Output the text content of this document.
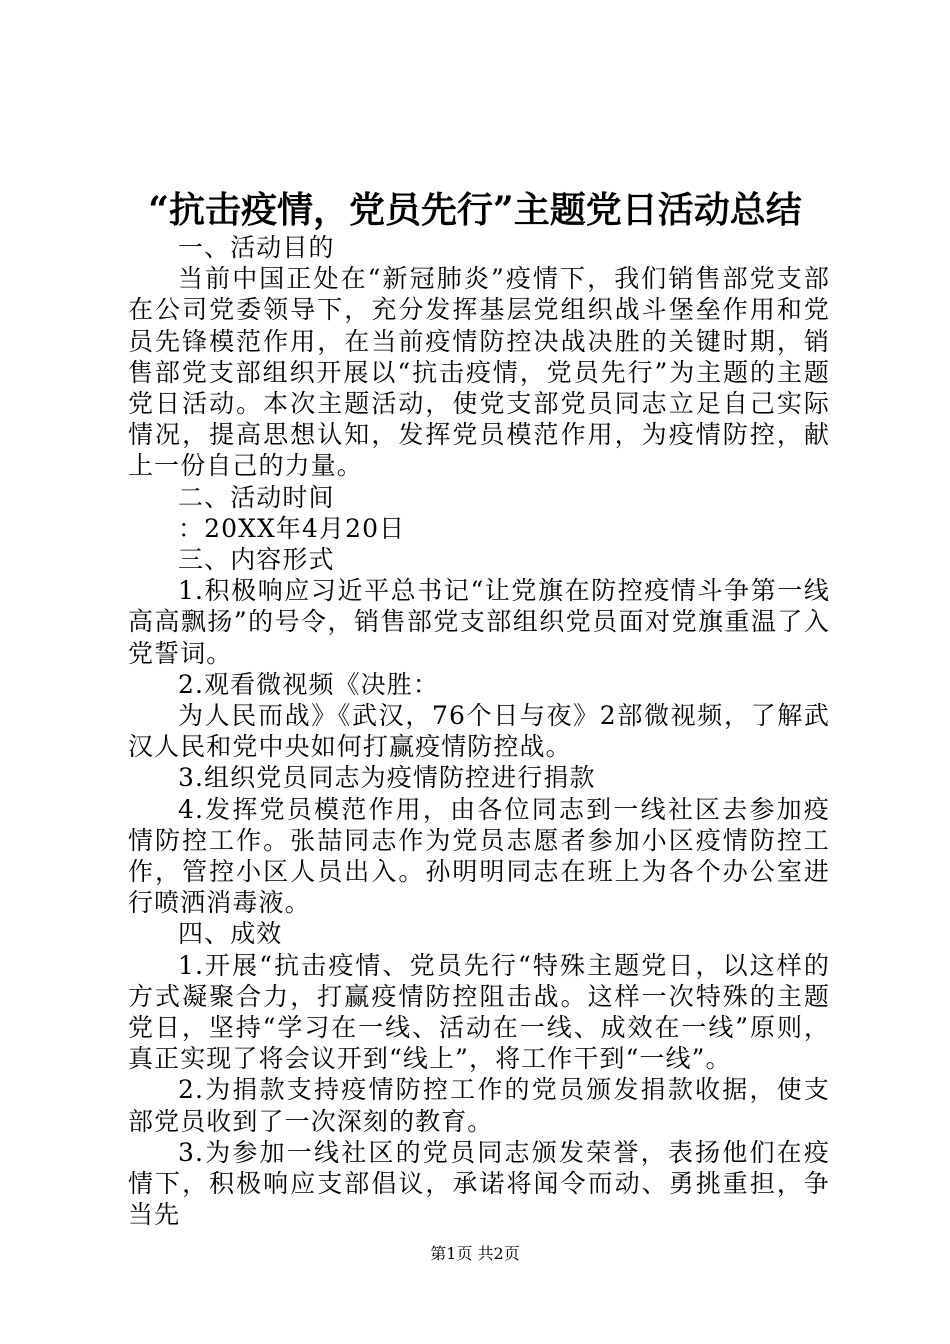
“抗击疫情，党员先行”主题党日活动总结

一、活动目的

当前中国正处在“新冠肺炎”疫情下，我们销售部党支部在公司党委领导下，充分发挥基层党组织战斗堡垒作用和党员先锋模范作用，在当前疫情防控决战决胜的关键时期，销售部党支部组织开展以“抗击疫情，党员先行”为主题的主题党日活动。本次主题活动，使党支部党员同志立足自己实际情况，提高思想认知，发挥党员模范作用，为疫情防控，献上一份自己的力量。

二、活动时间

：20XX年4月20日

三、内容形式

1.积极响应习近平总书记“让党旗在防控疫情斗争第一线高高飘扬”的号令，销售部党支部组织党员面对党旗重温了入党誓词。

2.观看微视频《决胜：

为人民而战》《武汉，76个日与夜》2部微视频，了解武汉人民和党中央如何打赢疫情防控战。

3.组织党员同志为疫情防控进行捐款

4.发挥党员模范作用，由各位同志到一线社区去参加疫情防控工作。张喆同志作为党员志愿者参加小区疫情防控工作，管控小区人员出入。孙明明同志在班上为各个办公室进行喷洒消毒液。

四、成效

1.开展“抗击疫情、党员先行“特殊主题党日，以这样的方式凝聚合力，打赢疫情防控阻击战。这样一次特殊的主题党日，坚持“学习在一线、活动在一线、成效在一线”原则，真正实现了将会议开到“线上”，将工作干到“一线”。

2.为捐款支持疫情防控工作的党员颁发捐款收据，使支部党员收到了一次深刻的教育。

3.为参加一线社区的党员同志颁发荣誉，表扬他们在疫情下，积极响应支部倡议，承诺将闻令而动、勇挑重担，争当先

第1页 共2页
